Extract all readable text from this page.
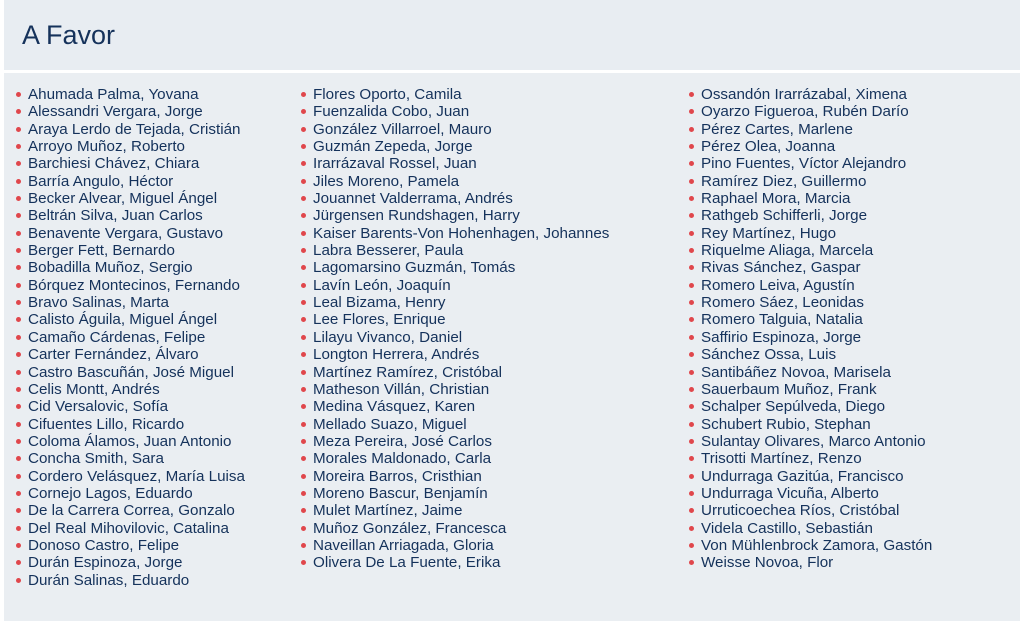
A Favor
Ahumada Palma, Yovana
Alessandri Vergara, Jorge
Araya Lerdo de Tejada, Cristián
Arroyo Muñoz, Roberto
Barchiesi Chávez, Chiara
Barría Angulo, Héctor
Becker Alvear, Miguel Ángel
Beltrán Silva, Juan Carlos
Benavente Vergara, Gustavo
Berger Fett, Bernardo
Bobadilla Muñoz, Sergio
Bórquez Montecinos, Fernando
Bravo Salinas, Marta
Calisto Águila, Miguel Ángel
Camaño Cárdenas, Felipe
Carter Fernández, Álvaro
Castro Bascuñán, José Miguel
Celis Montt, Andrés
Cid Versalovic, Sofía
Cifuentes Lillo, Ricardo
Coloma Álamos, Juan Antonio
Concha Smith, Sara
Cordero Velásquez, María Luisa
Cornejo Lagos, Eduardo
De la Carrera Correa, Gonzalo
Del Real Mihovilovic, Catalina
Donoso Castro, Felipe
Durán Espinoza, Jorge
Durán Salinas, Eduardo
Flores Oporto, Camila
Fuenzalida Cobo, Juan
González Villarroel, Mauro
Guzmán Zepeda, Jorge
Irarrázaval Rossel, Juan
Jiles Moreno, Pamela
Jouannet Valderrama, Andrés
Jürgensen Rundshagen, Harry
Kaiser Barents-Von Hohenhagen, Johannes
Labra Besserer, Paula
Lagomarsino Guzmán, Tomás
Lavín León, Joaquín
Leal Bizama, Henry
Lee Flores, Enrique
Lilayu Vivanco, Daniel
Longton Herrera, Andrés
Martínez Ramírez, Cristóbal
Matheson Villán, Christian
Medina Vásquez, Karen
Mellado Suazo, Miguel
Meza Pereira, José Carlos
Morales Maldonado, Carla
Moreira Barros, Cristhian
Moreno Bascur, Benjamín
Mulet Martínez, Jaime
Muñoz González, Francesca
Naveillan Arriagada, Gloria
Olivera De La Fuente, Erika
Ossandón Irarrázabal, Ximena
Oyarzo Figueroa, Rubén Darío
Pérez Cartes, Marlene
Pérez Olea, Joanna
Pino Fuentes, Víctor Alejandro
Ramírez Diez, Guillermo
Raphael Mora, Marcia
Rathgeb Schifferli, Jorge
Rey Martínez, Hugo
Riquelme Aliaga, Marcela
Rivas Sánchez, Gaspar
Romero Leiva, Agustín
Romero Sáez, Leonidas
Romero Talguia, Natalia
Saffirio Espinoza, Jorge
Sánchez Ossa, Luis
Santibáñez Novoa, Marisela
Sauerbaum Muñoz, Frank
Schalper Sepúlveda, Diego
Schubert Rubio, Stephan
Sulantay Olivares, Marco Antonio
Trisotti Martínez, Renzo
Undurraga Gazitúa, Francisco
Undurraga Vicuña, Alberto
Urruticoechea Ríos, Cristóbal
Videla Castillo, Sebastián
Von Mühlenbrock Zamora, Gastón
Weisse Novoa, Flor
